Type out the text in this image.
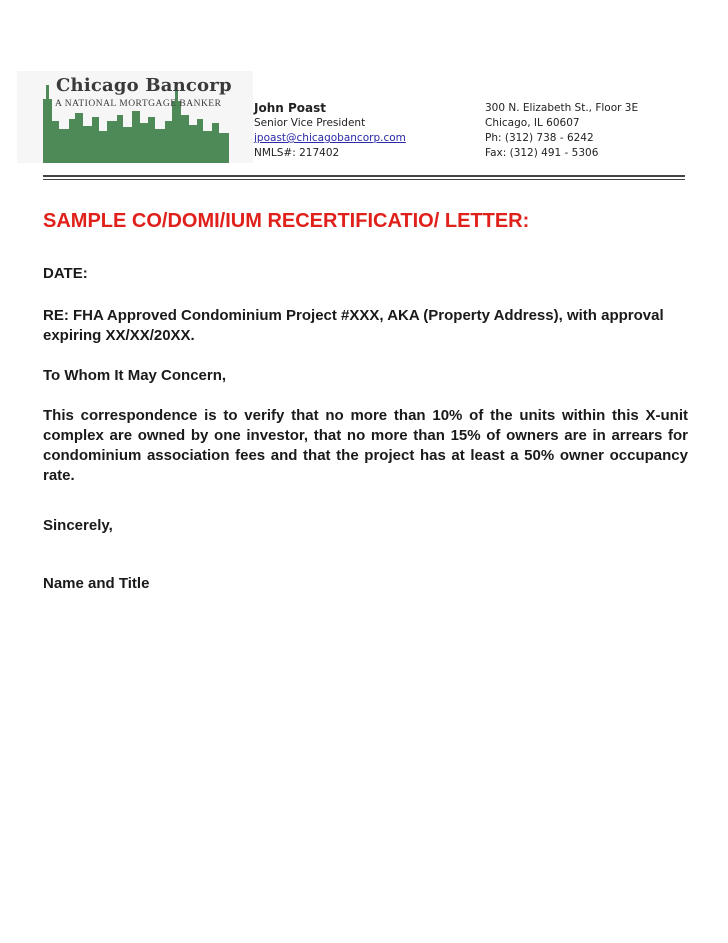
Chicago Bancorp
A NATIONAL MORTGAGE BANKER	John Poast
Senior Vice President
jpoast@chicagobancorp.com
NMLS#: 217402
300 N. Elizabeth St., Floor 3E
Chicago, IL 60607
Ph: (312) 738 - 6242
Fax: (312) 491 - 5306
SAMPLE CO/DOMI/IUM RECERTIFICATIO/ LETTER:
DATE:
RE: FHA Approved Condominium Project #XXX, AKA (Property Address), with approval expiring XX/XX/20XX.
To Whom It May Concern,
This correspondence is to verify that no more than 10% of the units within this X-unit complex are owned by one investor, that no more than 15% of owners are in arrears for condominium association fees and that the project has at least a 50% owner occupancy rate.
Sincerely,
Name and Title
